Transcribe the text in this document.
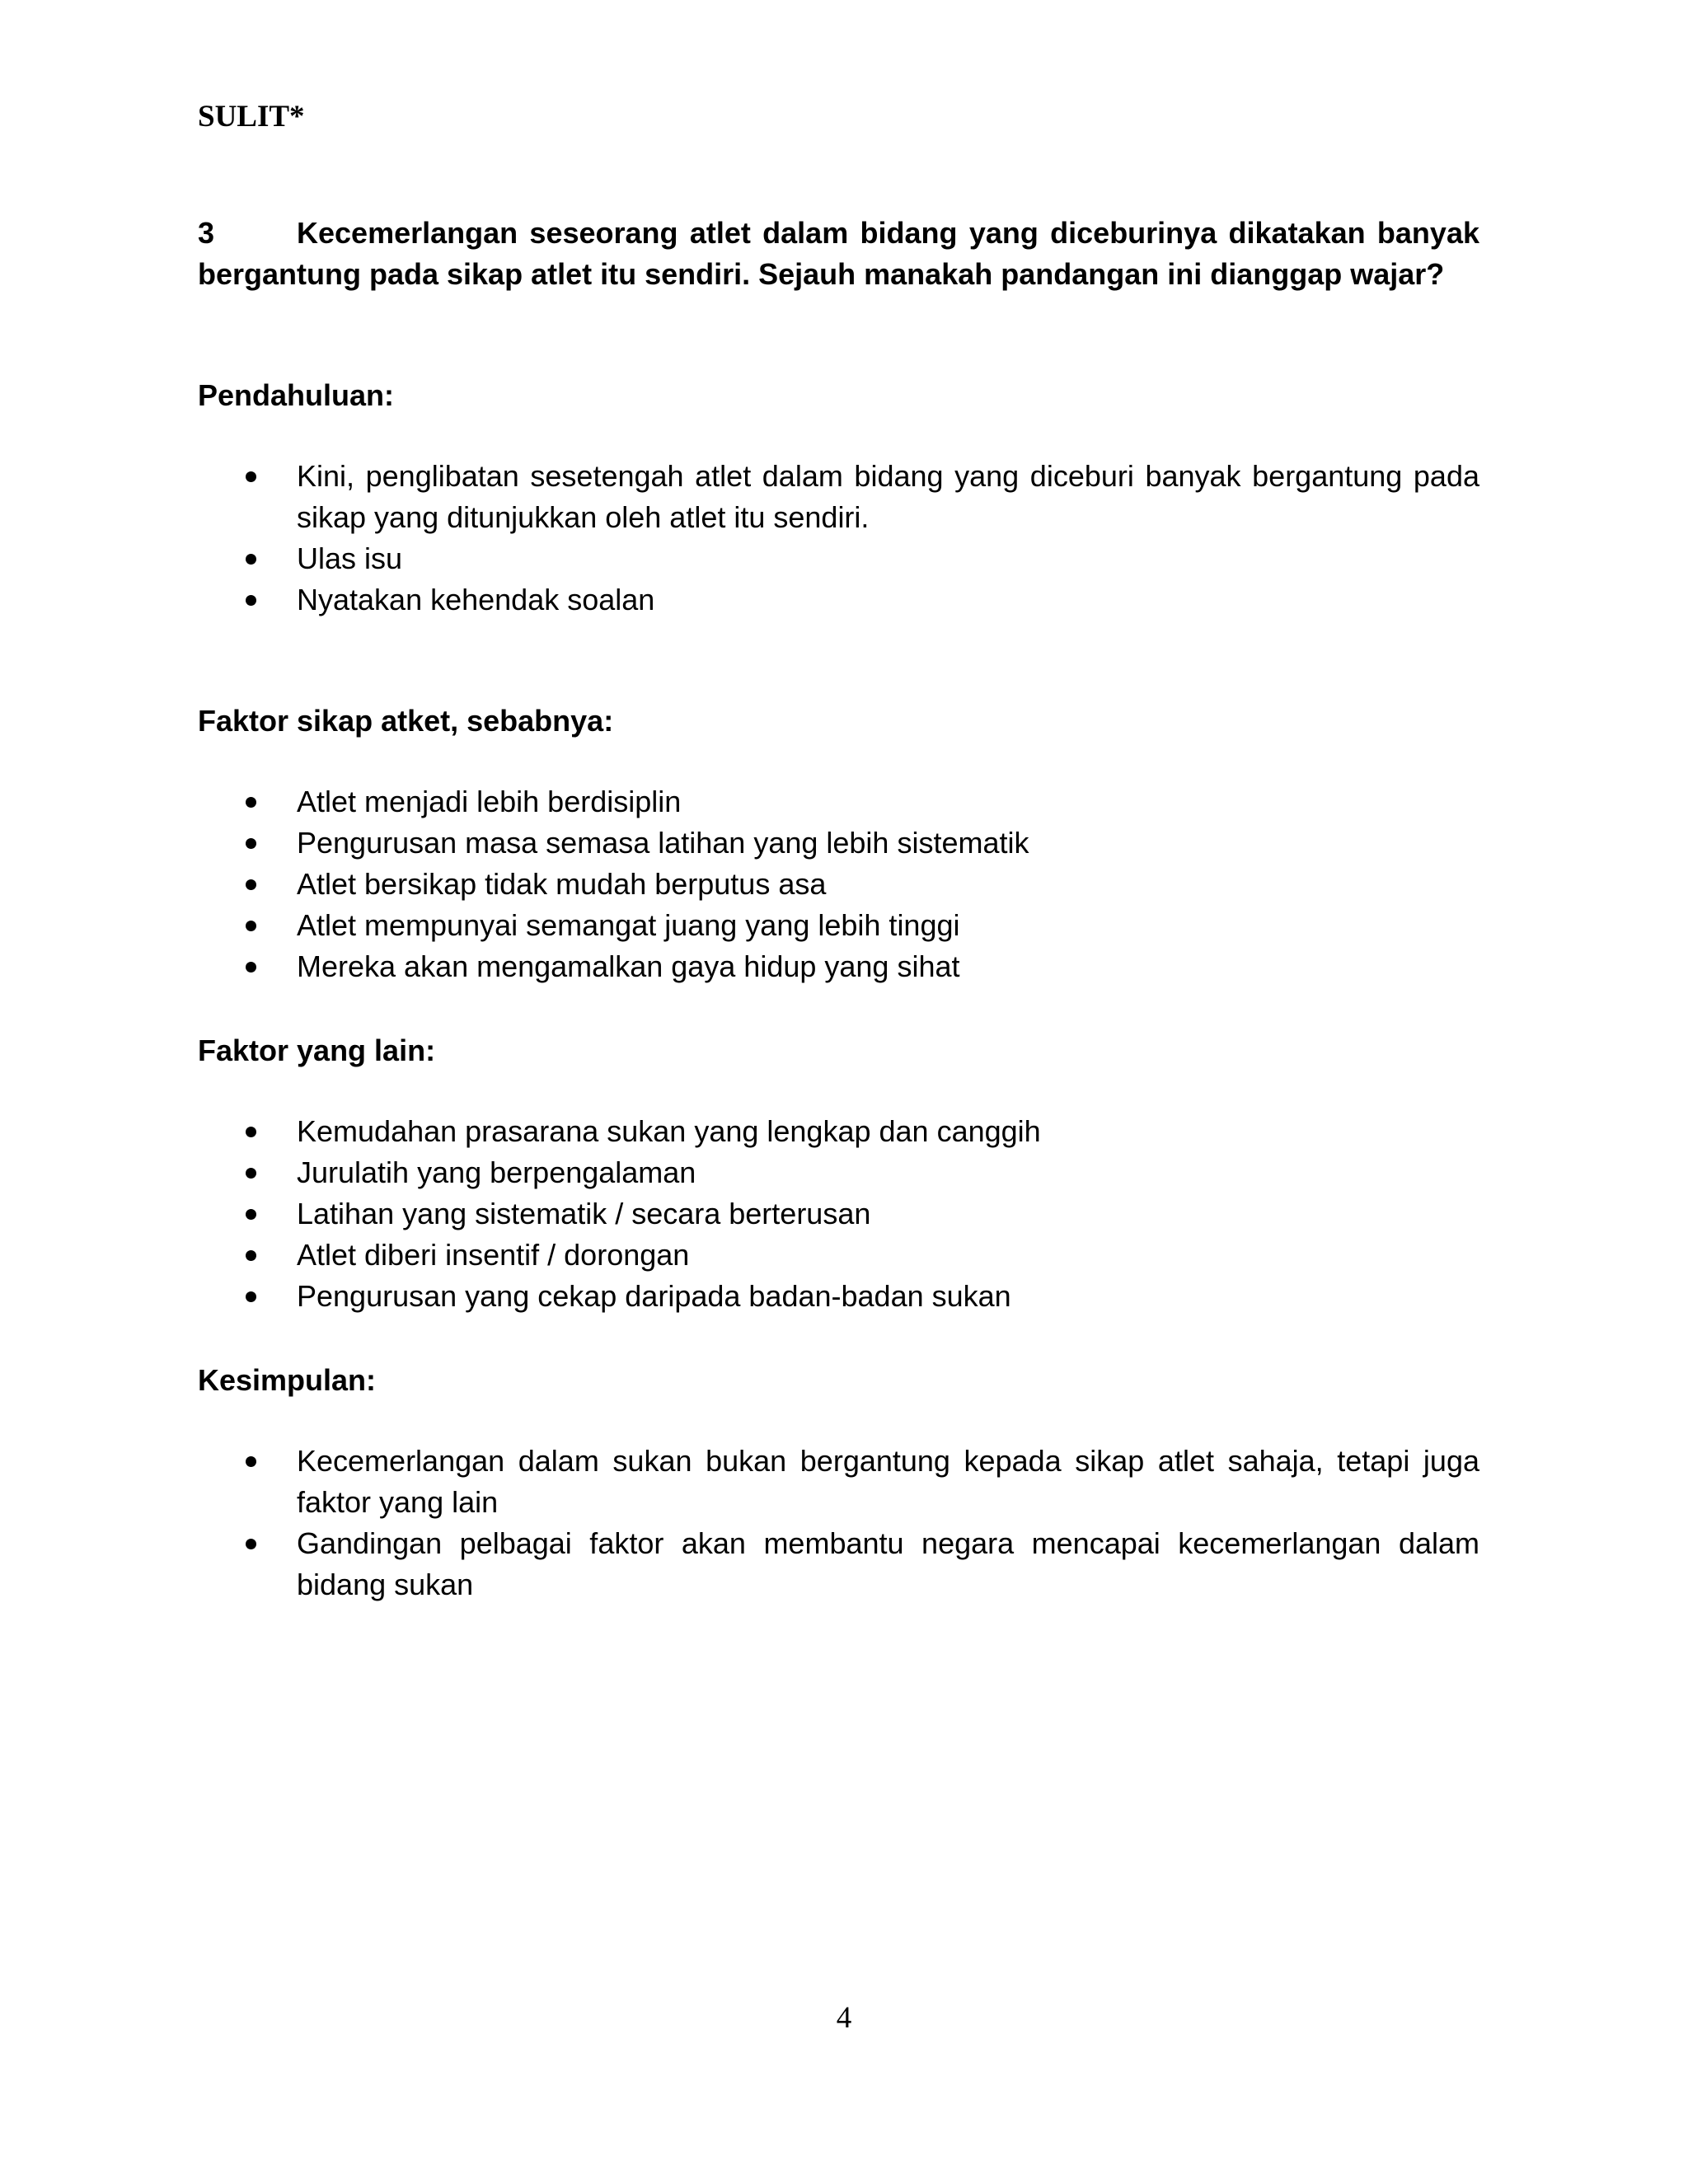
SULIT*
3	Kecemerlangan seseorang atlet dalam bidang yang diceburinya dikatakan banyak bergantung pada sikap atlet itu sendiri. Sejauh manakah pandangan ini dianggap wajar?
Pendahuluan:
Kini, penglibatan sesetengah atlet dalam bidang yang diceburi banyak bergantung pada sikap yang ditunjukkan oleh atlet itu sendiri.
Ulas isu
Nyatakan kehendak soalan
Faktor sikap atket, sebabnya:
Atlet menjadi lebih berdisiplin
Pengurusan masa semasa latihan yang lebih sistematik
Atlet bersikap tidak mudah berputus asa
Atlet mempunyai semangat juang yang lebih tinggi
Mereka akan mengamalkan gaya hidup yang sihat
Faktor yang lain:
Kemudahan prasarana sukan yang lengkap dan canggih
Jurulatih yang berpengalaman
Latihan yang sistematik / secara berterusan
Atlet diberi insentif / dorongan
Pengurusan yang cekap daripada badan-badan sukan
Kesimpulan:
Kecemerlangan dalam sukan bukan bergantung kepada sikap atlet sahaja, tetapi juga faktor yang lain
Gandingan pelbagai faktor akan membantu negara mencapai kecemerlangan dalam bidang sukan
4
